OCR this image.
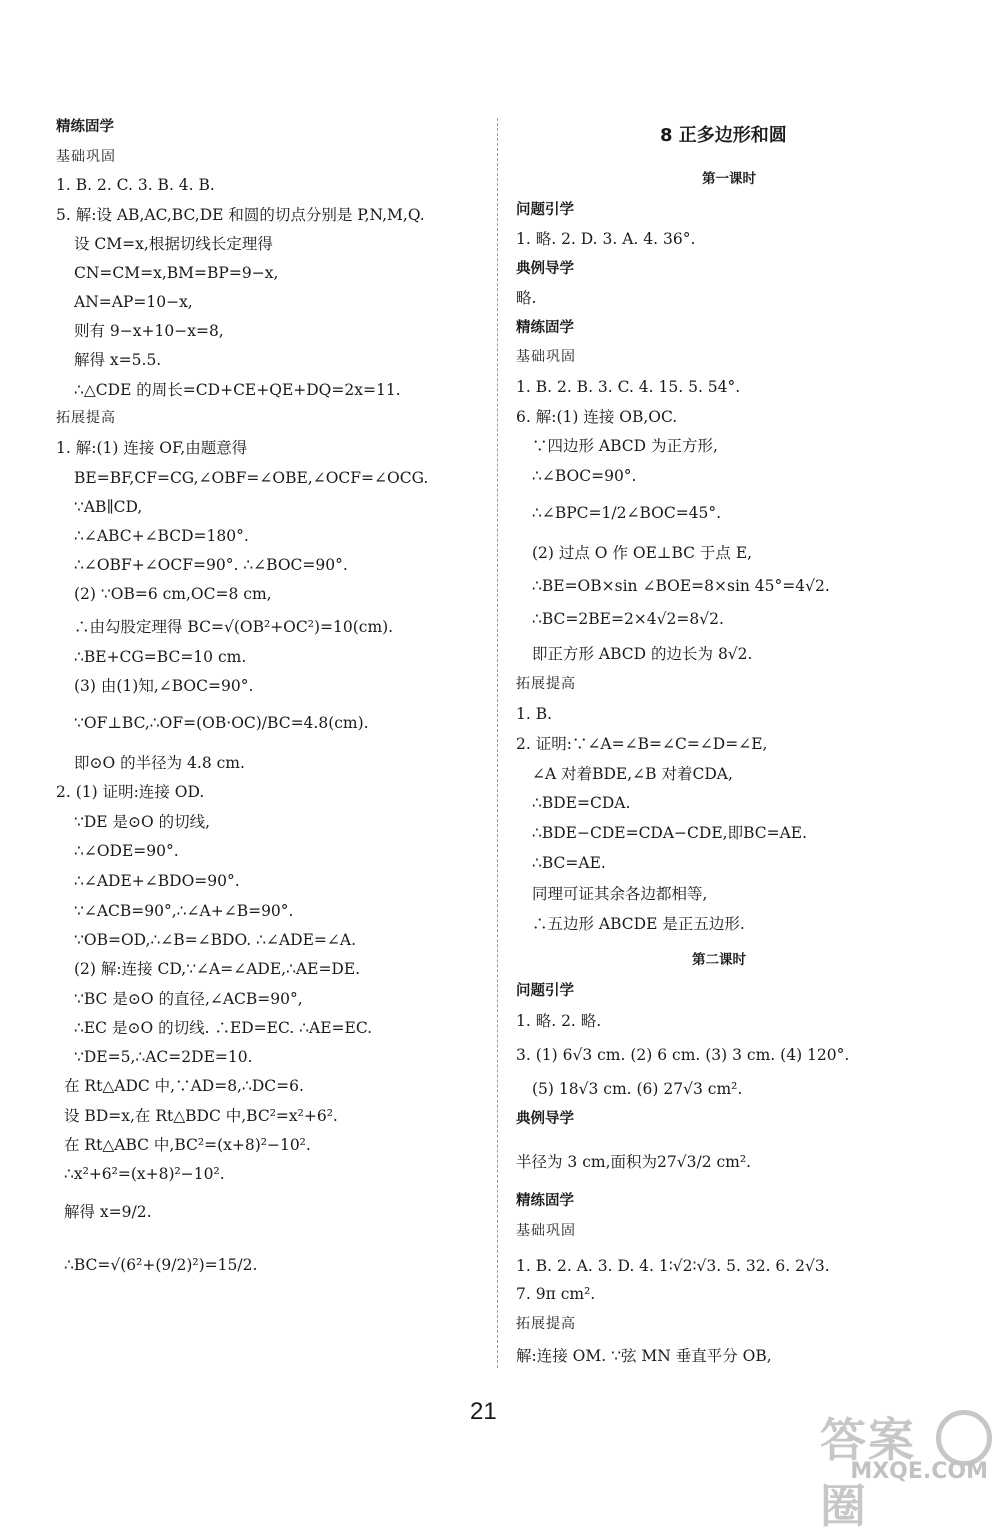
精练固学
基础巩固
1. B. 2. C. 3. B. 4. B.
5. 解:设 AB,AC,BC,DE 和圆的切点分别是 P,N,M,Q.
设 CM=x,根据切线长定理得
CN=CM=x,BM=BP=9−x,
AN=AP=10−x,
则有 9−x+10−x=8,
解得 x=5.5.
∴△CDE 的周长=CD+CE+QE+DQ=2x=11.
拓展提高
1. 解:(1) 连接 OF,由题意得
BE=BF,CF=CG,∠OBF=∠OBE,∠OCF=∠OCG.
∵AB∥CD,
∴∠ABC+∠BCD=180°.
∴∠OBF+∠OCF=90°. ∴∠BOC=90°.
(2) ∵OB=6 cm,OC=8 cm,
∴由勾股定理得 BC=√(OB²+OC²)=10(cm).
∴BE+CG=BC=10 cm.
(3) 由(1)知,∠BOC=90°.
∵OF⊥BC,∴OF=(OB·OC)/BC=4.8(cm).
即⊙O 的半径为 4.8 cm.
2. (1) 证明:连接 OD.
∵DE 是⊙O 的切线,
∴∠ODE=90°.
∴∠ADE+∠BDO=90°.
∵∠ACB=90°,∴∠A+∠B=90°.
∵OB=OD,∴∠B=∠BDO. ∴∠ADE=∠A.
(2) 解:连接 CD,∵∠A=∠ADE,∴AE=DE.
∵BC 是⊙O 的直径,∠ACB=90°,
∴EC 是⊙O 的切线. ∴ED=EC. ∴AE=EC.
∵DE=5,∴AC=2DE=10.
在 Rt△ADC 中,∵AD=8,∴DC=6.
设 BD=x,在 Rt△BDC 中,BC²=x²+6².
在 Rt△ABC 中,BC²=(x+8)²−10².
∴x²+6²=(x+8)²−10².
解得 x=9/2.
∴BC=√(6²+(9/2)²)=15/2.
8 正多边形和圆
第一课时
问题引学
1. 略. 2. D. 3. A. 4. 36°.
典例导学
略.
精练固学
基础巩固
1. B. 2. B. 3. C. 4. 15. 5. 54°.
6. 解:(1) 连接 OB,OC.
∵四边形 ABCD 为正方形,
∴∠BOC=90°.
∴∠BPC=1/2∠BOC=45°.
(2) 过点 O 作 OE⊥BC 于点 E,
∴BE=OB×sin ∠BOE=8×sin 45°=4√2.
∴BC=2BE=2×4√2=8√2.
即正方形 ABCD 的边长为 8√2.
拓展提高
1. B.
2. 证明:∵∠A=∠B=∠C=∠D=∠E,
∠A 对着BDE,∠B 对着CDA,
∴BDE=CDA.
∴BDE−CDE=CDA−CDE,即BC=AE.
∴BC=AE.
同理可证其余各边都相等,
∴五边形 ABCDE 是正五边形.
第二课时
问题引学
1. 略. 2. 略.
3. (1) 6√3 cm. (2) 6 cm. (3) 3 cm. (4) 120°.
(5) 18√3 cm. (6) 27√3 cm².
典例导学
半径为 3 cm,面积为27√3/2 cm².
精练固学
基础巩固
1. B. 2. A. 3. D. 4. 1∶√2∶√3. 5. 32. 6. 2√3.
7. 9π cm².
拓展提高
解:连接 OM. ∵弦 MN 垂直平分 OB,
21
答案圈
MXQE.COM
